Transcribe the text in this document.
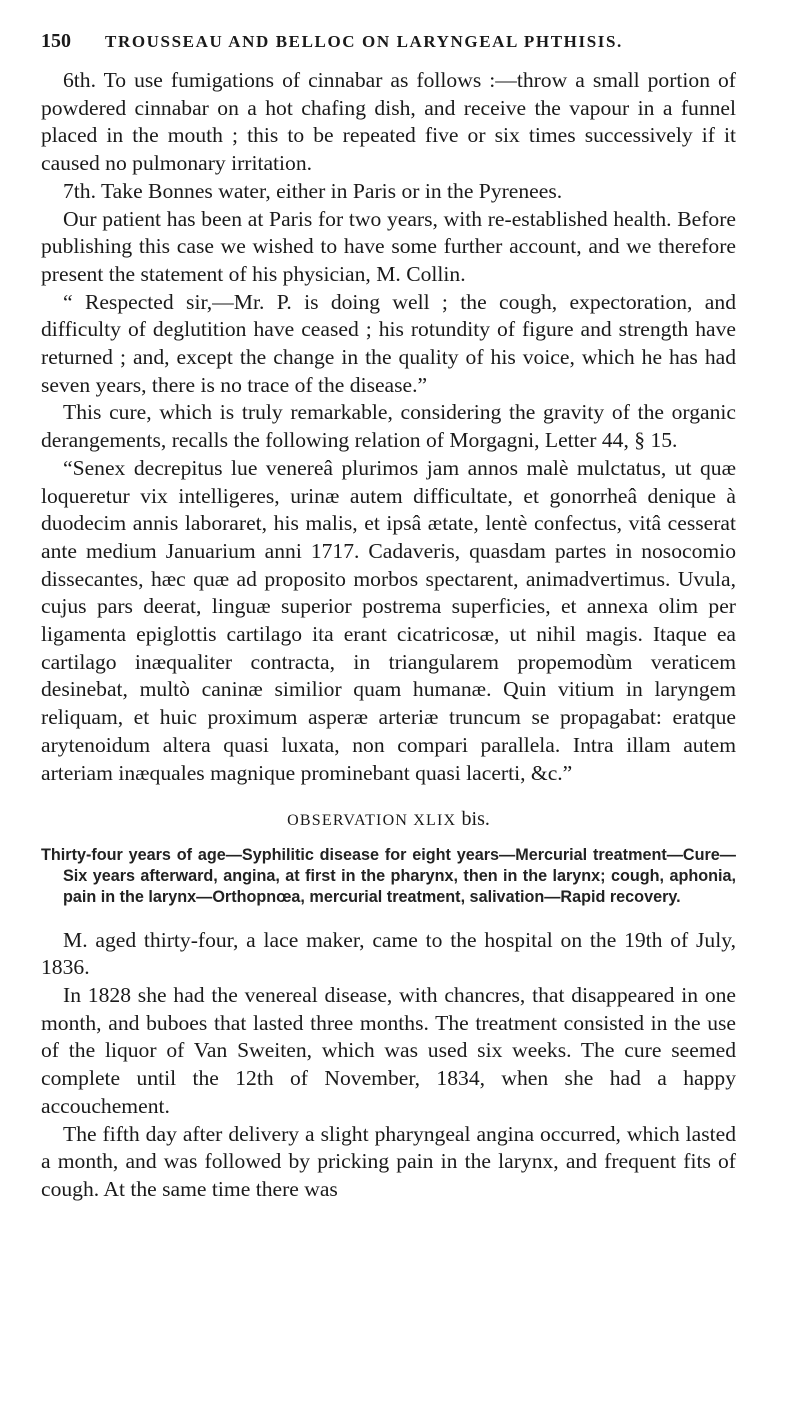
150 TROUSSEAU AND BELLOC ON LARYNGEAL PHTHISIS.

6th. To use fumigations of cinnabar as follows :—throw a small portion of powdered cinnabar on a hot chafing dish, and receive the vapour in a funnel placed in the mouth ; this to be repeated five or six times successively if it caused no pulmonary irritation.

7th. Take Bonnes water, either in Paris or in the Pyrenees.

Our patient has been at Paris for two years, with re-established health. Before publishing this case we wished to have some further account, and we therefore present the statement of his physician, M. Collin.

“ Respected sir,—Mr. P. is doing well ; the cough, expectoration, and difficulty of deglutition have ceased ; his rotundity of figure and strength have returned ; and, except the change in the quality of his voice, which he has had seven years, there is no trace of the disease.”

This cure, which is truly remarkable, considering the gravity of the organic derangements, recalls the following relation of Morgagni, Letter 44, § 15.

“Senex decrepitus lue venereâ plurimos jam annos malè mulctatus, ut quæ loqueretur vix intelligeres, urinæ autem difficultate, et gonorrheâ denique à duodecim annis laboraret, his malis, et ipsâ ætate, lentè confectus, vitâ cesserat ante medium Januarium anni 1717. Cadaveris, quasdam partes in nosocomio dissecantes, hæc quæ ad proposito morbos spectarent, animadvertimus. Uvula, cujus pars deerat, linguæ superior postrema superficies, et annexa olim per ligamenta epiglottis cartilago ita erant cicatricosæ, ut nihil magis. Itaque ea cartilago inæqualiter contracta, in triangularem propemodùm veraticem desinebat, multò caninæ similior quam humanæ. Quin vitium in laryngem reliquam, et huic proximum asperæ arteriæ truncum se propagabat: eratque arytenoidum altera quasi luxata, non compari parallela. Intra illam autem arteriam inæquales magnique prominebant quasi lacerti, &c.”

OBSERVATION XLIX bis.
Thirty-four years of age—Syphilitic disease for eight years—Mercurial treatment—Cure—Six years afterward, angina, at first in the pharynx, then in the larynx; cough, aphonia, pain in the larynx—Orthopnœa, mercurial treatment, salivation—Rapid recovery.

M. aged thirty-four, a lace maker, came to the hospital on the 19th of July, 1836.

In 1828 she had the venereal disease, with chancres, that disappeared in one month, and buboes that lasted three months. The treatment consisted in the use of the liquor of Van Sweiten, which was used six weeks. The cure seemed complete until the 12th of November, 1834, when she had a happy accouchement.

The fifth day after delivery a slight pharyngeal angina occurred, which lasted a month, and was followed by pricking pain in the larynx, and frequent fits of cough. At the same time there was
